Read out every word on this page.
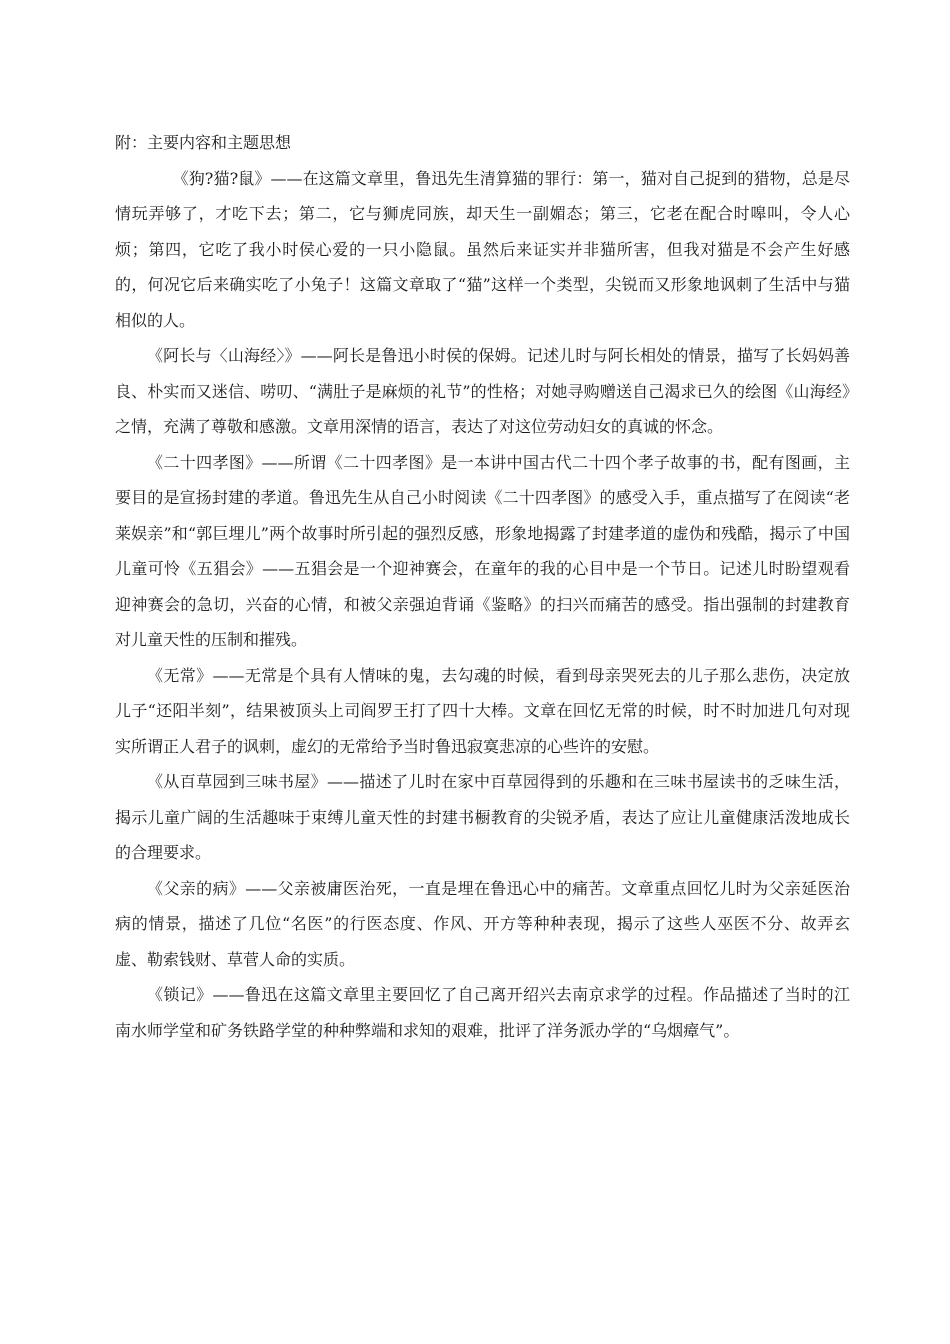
附：主要内容和主题思想

《狗?猫?鼠》——在这篇文章里，鲁迅先生清算猫的罪行：第一，猫对自己捉到的猎物，总是尽情玩弄够了，才吃下去；第二，它与狮虎同族，却天生一副媚态；第三，它老在配合时嗥叫，令人心烦；第四，它吃了我小时侯心爱的一只小隐鼠。虽然后来证实并非猫所害，但我对猫是不会产生好感的，何况它后来确实吃了小兔子！这篇文章取了“猫”这样一个类型，尖锐而又形象地讽刺了生活中与猫相似的人。

《阿长与〈山海经〉》——阿长是鲁迅小时侯的保姆。记述儿时与阿长相处的情景，描写了长妈妈善良、朴实而又迷信、唠叨、“满肚子是麻烦的礼节”的性格；对她寻购赠送自己渴求已久的绘图《山海经》之情，充满了尊敬和感激。文章用深情的语言，表达了对这位劳动妇女的真诚的怀念。

《二十四孝图》——所谓《二十四孝图》是一本讲中国古代二十四个孝子故事的书，配有图画，主要目的是宣扬封建的孝道。鲁迅先生从自己小时阅读《二十四孝图》的感受入手，重点描写了在阅读“老莱娱亲”和“郭巨埋儿”两个故事时所引起的强烈反感，形象地揭露了封建孝道的虚伪和残酷，揭示了中国儿童可怜《五猖会》——五猖会是一个迎神赛会，在童年的我的心目中是一个节日。记述儿时盼望观看迎神赛会的急切，兴奋的心情，和被父亲强迫背诵《鉴略》的扫兴而痛苦的感受。指出强制的封建教育对儿童天性的压制和摧残。

《无常》——无常是个具有人情味的鬼，去勾魂的时候，看到母亲哭死去的儿子那么悲伤，决定放儿子“还阳半刻”，结果被顶头上司阎罗王打了四十大棒。文章在回忆无常的时候，时不时加进几句对现实所谓正人君子的讽刺，虚幻的无常给予当时鲁迅寂寞悲凉的心些许的安慰。

《从百草园到三味书屋》——描述了儿时在家中百草园得到的乐趣和在三味书屋读书的乏味生活，揭示儿童广阔的生活趣味于束缚儿童天性的封建书橱教育的尖锐矛盾，表达了应让儿童健康活泼地成长的合理要求。

《父亲的病》——父亲被庸医治死，一直是埋在鲁迅心中的痛苦。文章重点回忆儿时为父亲延医治病的情景，描述了几位“名医”的行医态度、作风、开方等种种表现，揭示了这些人巫医不分、故弄玄虚、勒索钱财、草菅人命的实质。

《锁记》——鲁迅在这篇文章里主要回忆了自己离开绍兴去南京求学的过程。作品描述了当时的江南水师学堂和矿务铁路学堂的种种弊端和求知的艰难，批评了洋务派办学的“乌烟瘴气”。
